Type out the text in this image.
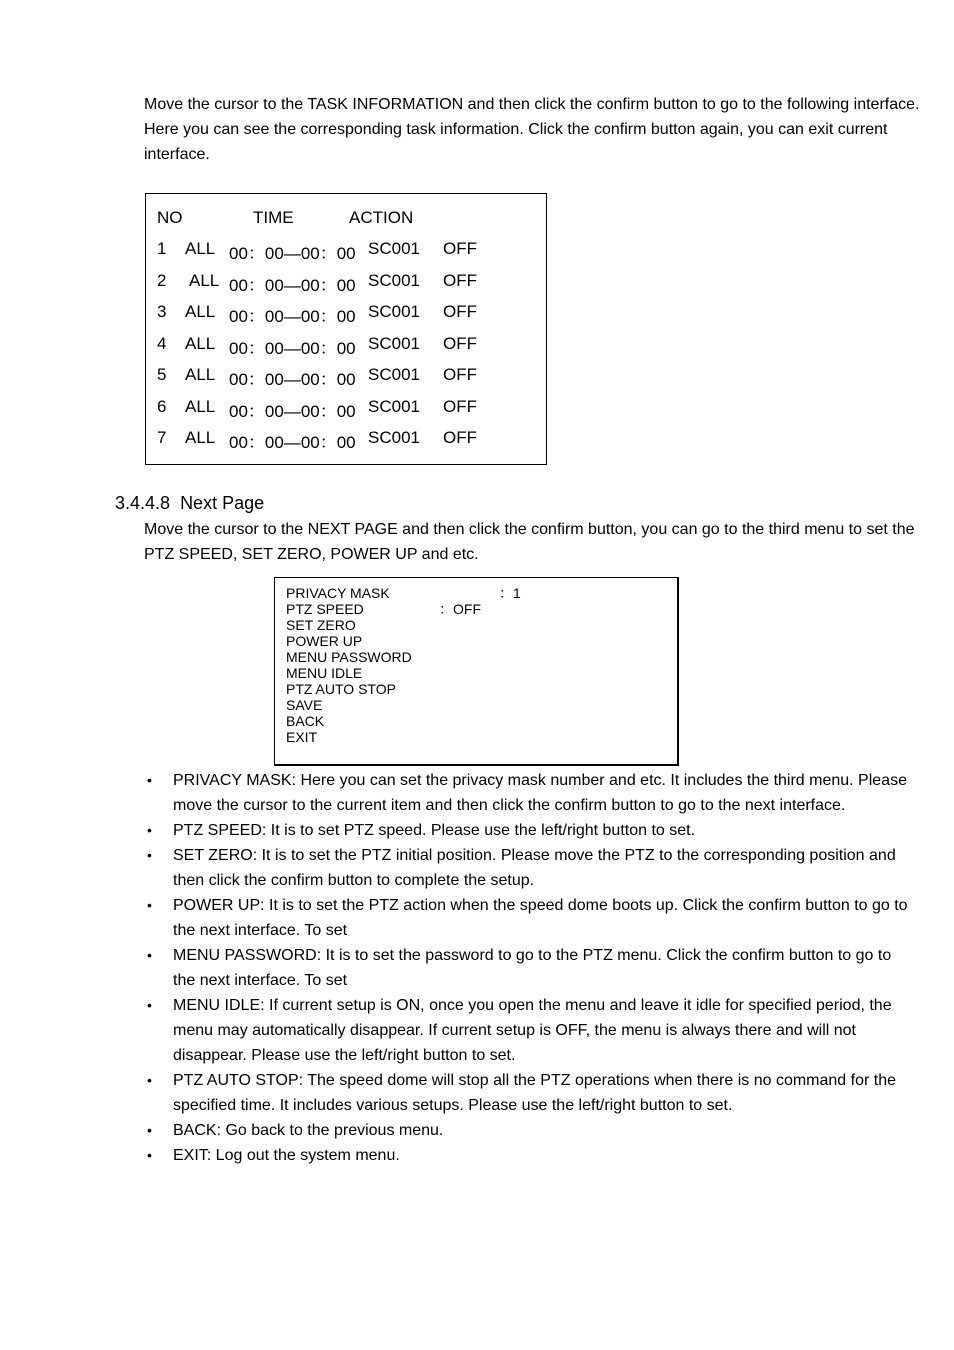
Move the cursor to the TASK INFORMATION and then click the confirm button to go to the following interface. Here you can see the corresponding task information. Click the confirm button again, you can exit current interface.

NO	TIME	ACTION
1 ALL 00：00—00：00 SC001 OFF
2 ALL 00：00—00：00 SC001 OFF
3 ALL 00：00—00：00 SC001 OFF
4 ALL 00：00—00：00 SC001 OFF
5 ALL 00：00—00：00 SC001 OFF
6 ALL 00：00—00：00 SC001 OFF
7 ALL 00：00—00：00 SC001 OFF
3.4.4.8 Next Page

Move the cursor to the NEXT PAGE and then click the confirm button, you can go to the third menu to set the PTZ SPEED, SET ZERO, POWER UP and etc.

PRIVACY MASK	：1
PTZ SPEED	：OFF
SET ZERO
POWER UP
MENU PASSWORD
MENU IDLE
PTZ AUTO STOP
SAVE
BACK
EXIT
• PRIVACY MASK: Here you can set the privacy mask number and etc. It includes the third menu. Please move the cursor to the current item and then click the confirm button to go to the next interface.
• PTZ SPEED: It is to set PTZ speed. Please use the left/right button to set.
• SET ZERO: It is to set the PTZ initial position. Please move the PTZ to the corresponding position and then click the confirm button to complete the setup.
• POWER UP: It is to set the PTZ action when the speed dome boots up. Click the confirm button to go to the next interface. To set
• MENU PASSWORD: It is to set the password to go to the PTZ menu. Click the confirm button to go to the next interface. To set
• MENU IDLE: If current setup is ON, once you open the menu and leave it idle for specified period, the menu may automatically disappear. If current setup is OFF, the menu is always there and will not disappear. Please use the left/right button to set.
• PTZ AUTO STOP: The speed dome will stop all the PTZ operations when there is no command for the specified time. It includes various setups. Please use the left/right button to set.
• BACK: Go back to the previous menu.
• EXIT: Log out the system menu.
